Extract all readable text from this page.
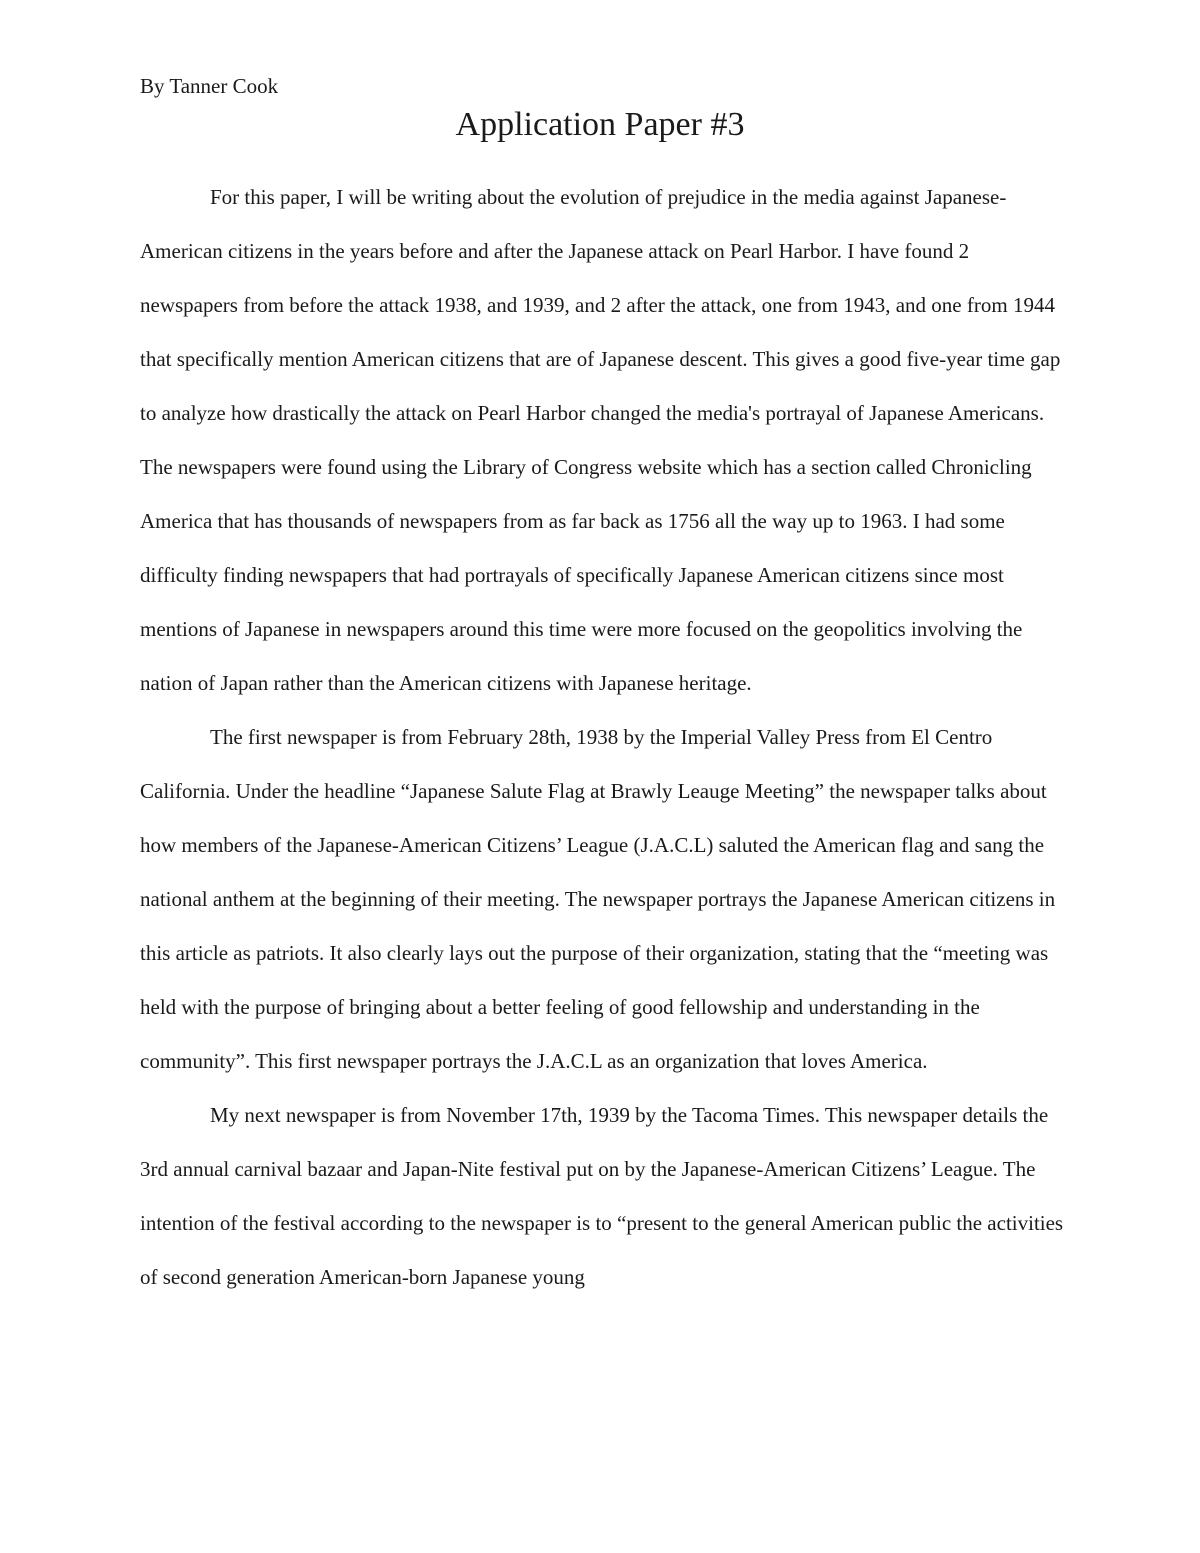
By Tanner Cook

Application Paper #3

For this paper, I will be writing about the evolution of prejudice in the media against Japanese-American citizens in the years before and after the Japanese attack on Pearl Harbor. I have found 2 newspapers from before the attack 1938, and 1939, and 2 after the attack, one from 1943, and one from 1944 that specifically mention American citizens that are of Japanese descent. This gives a good five-year time gap to analyze how drastically the attack on Pearl Harbor changed the media's portrayal of Japanese Americans. The newspapers were found using the Library of Congress website which has a section called Chronicling America that has thousands of newspapers from as far back as 1756 all the way up to 1963. I had some difficulty finding newspapers that had portrayals of specifically Japanese American citizens since most mentions of Japanese in newspapers around this time were more focused on the geopolitics involving the nation of Japan rather than the American citizens with Japanese heritage.

The first newspaper is from February 28th, 1938 by the Imperial Valley Press from El Centro California. Under the headline “Japanese Salute Flag at Brawly Leauge Meeting” the newspaper talks about how members of the Japanese-American Citizens’ League (J.A.C.L) saluted the American flag and sang the national anthem at the beginning of their meeting. The newspaper portrays the Japanese American citizens in this article as patriots. It also clearly lays out the purpose of their organization, stating that the “meeting was held with the purpose of bringing about a better feeling of good fellowship and understanding in the community”. This first newspaper portrays the J.A.C.L as an organization that loves America.

My next newspaper is from November 17th, 1939 by the Tacoma Times. This newspaper details the 3rd annual carnival bazaar and Japan-Nite festival put on by the Japanese-American Citizens’ League. The intention of the festival according to the newspaper is to “present to the general American public the activities of second generation American-born Japanese young
